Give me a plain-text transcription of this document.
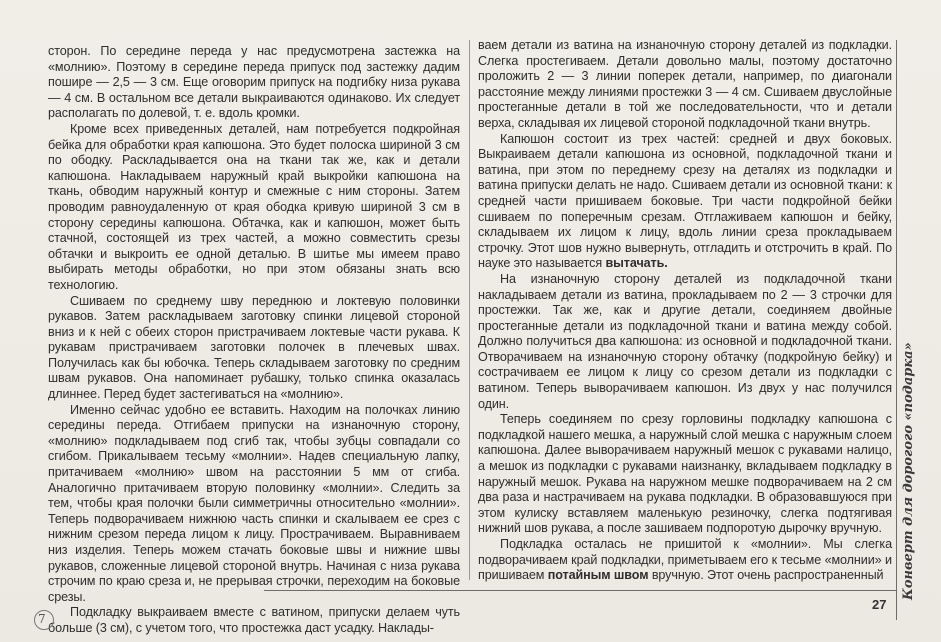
сторон. По середине переда у нас предусмотрена застежка на «молнию». Поэтому в середине переда припуск под застежку дадим пошире — 2,5 — 3 см. Еще оговорим припуск на подгибку низа рукава — 4 см. В остальном все детали выкраиваются одинаково. Их следует располагать по долевой, т. е. вдоль кромки.

Кроме всех приведенных деталей, нам потребуется подкройная бейка для обработки края капюшона. Это будет полоска шириной 3 см по ободку. Раскладывается она на ткани так же, как и детали капюшона. Накладываем наружный край выкройки капюшона на ткань, обводим наружный контур и смежные с ним стороны. Затем проводим равноудаленную от края ободка кривую шириной 3 см в сторону середины капюшона. Обтачка, как и капюшон, может быть стачной, состоящей из трех частей, а можно совместить срезы обтачки и выкроить ее одной деталью. В шитье мы имеем право выбирать методы обработки, но при этом обязаны знать всю технологию.

Сшиваем по среднему шву переднюю и локтевую половинки рукавов. Затем раскладываем заготовку спинки лицевой стороной вниз и к ней с обеих сторон пристрачиваем локтевые части рукава. К рукавам пристрачиваем заготовки полочек в плечевых швах. Получилась как бы юбочка. Теперь складываем заготовку по средним швам рукавов. Она напоминает рубашку, только спинка оказалась длиннее. Перед будет застегиваться на «молнию».

Именно сейчас удобно ее вставить. Находим на полочках линию середины переда. Отгибаем припуски на изнаночную сторону, «молнию» подкладываем под сгиб так, чтобы зубцы совпадали со сгибом. Прикалываем тесьму «молнии». Надев специальную лапку, притачиваем «молнию» швом на расстоянии 5 мм от сгиба. Аналогично притачиваем вторую половинку «молнии». Следить за тем, чтобы края полочки были симметричны относительно «молнии». Теперь подворачиваем нижнюю часть спинки и скалываем ее срез с нижним срезом переда лицом к лицу. Прострачиваем. Выравниваем низ изделия. Теперь можем стачать боковые швы и нижние швы рукавов, сложенные лицевой стороной внутрь. Начиная с низа рукава строчим по краю среза и, не прерывая строчки, переходим на боковые срезы.

Подкладку выкраиваем вместе с ватином, припуски делаем чуть больше (3 см), с учетом того, что простежка даст усадку. Наклады-

ваем детали из ватина на изнаночную сторону деталей из подкладки. Слегка простегиваем. Детали довольно малы, поэтому достаточно проложить 2 — 3 линии поперек детали, например, по диагонали расстояние между линиями простежки 3 — 4 см. Сшиваем двуслойные простеганные детали в той же последовательности, что и детали верха, складывая их лицевой стороной подкладочной ткани внутрь.

Капюшон состоит из трех частей: средней и двух боковых. Выкраиваем детали капюшона из основной, подкладочной ткани и ватина, при этом по переднему срезу на деталях из подкладки и ватина припуски делать не надо. Сшиваем детали из основной ткани: к средней части пришиваем боковые. Три части подкройной бейки сшиваем по поперечным срезам. Отглаживаем капюшон и бейку, складываем их лицом к лицу, вдоль линии среза прокладываем строчку. Этот шов нужно вывернуть, отгладить и отстрочить в край. По науке это называется вытачать.

На изнаночную сторону деталей из подкладочной ткани накладываем детали из ватина, прокладываем по 2 — 3 строчки для простежки. Так же, как и другие детали, соединяем двойные простеганные детали из подкладочной ткани и ватина между собой. Должно получиться два капюшона: из основной и подкладочной ткани. Отворачиваем на изнаночную сторону обтачку (подкройную бейку) и сострачиваем ее лицом к лицу со срезом детали из подкладки с ватином. Теперь выворачиваем капюшон. Из двух у нас получился один.

Теперь соединяем по срезу горловины подкладку капюшона с подкладкой нашего мешка, а наружный слой мешка с наружным слоем капюшона. Далее выворачиваем наружный мешок с рукавами налицо, а мешок из подкладки с рукавами наизнанку, вкладываем подкладку в наружный мешок. Рукава на наружном мешке подворачиваем на 2 см два раза и настрачиваем на рукава подкладки. В образовавшуюся при этом кулиску вставляем маленькую резиночку, слегка подтягивая нижний шов рукава, а после зашиваем подпоротую дырочку вручную.

Подкладка осталась не пришитой к «молнии». Мы слегка подворачиваем край подкладки, приметываем его к тесьме «молнии» и пришиваем потайным швом вручную. Этот очень распространенный

27
Конверт для дорогого «подарка»
7
